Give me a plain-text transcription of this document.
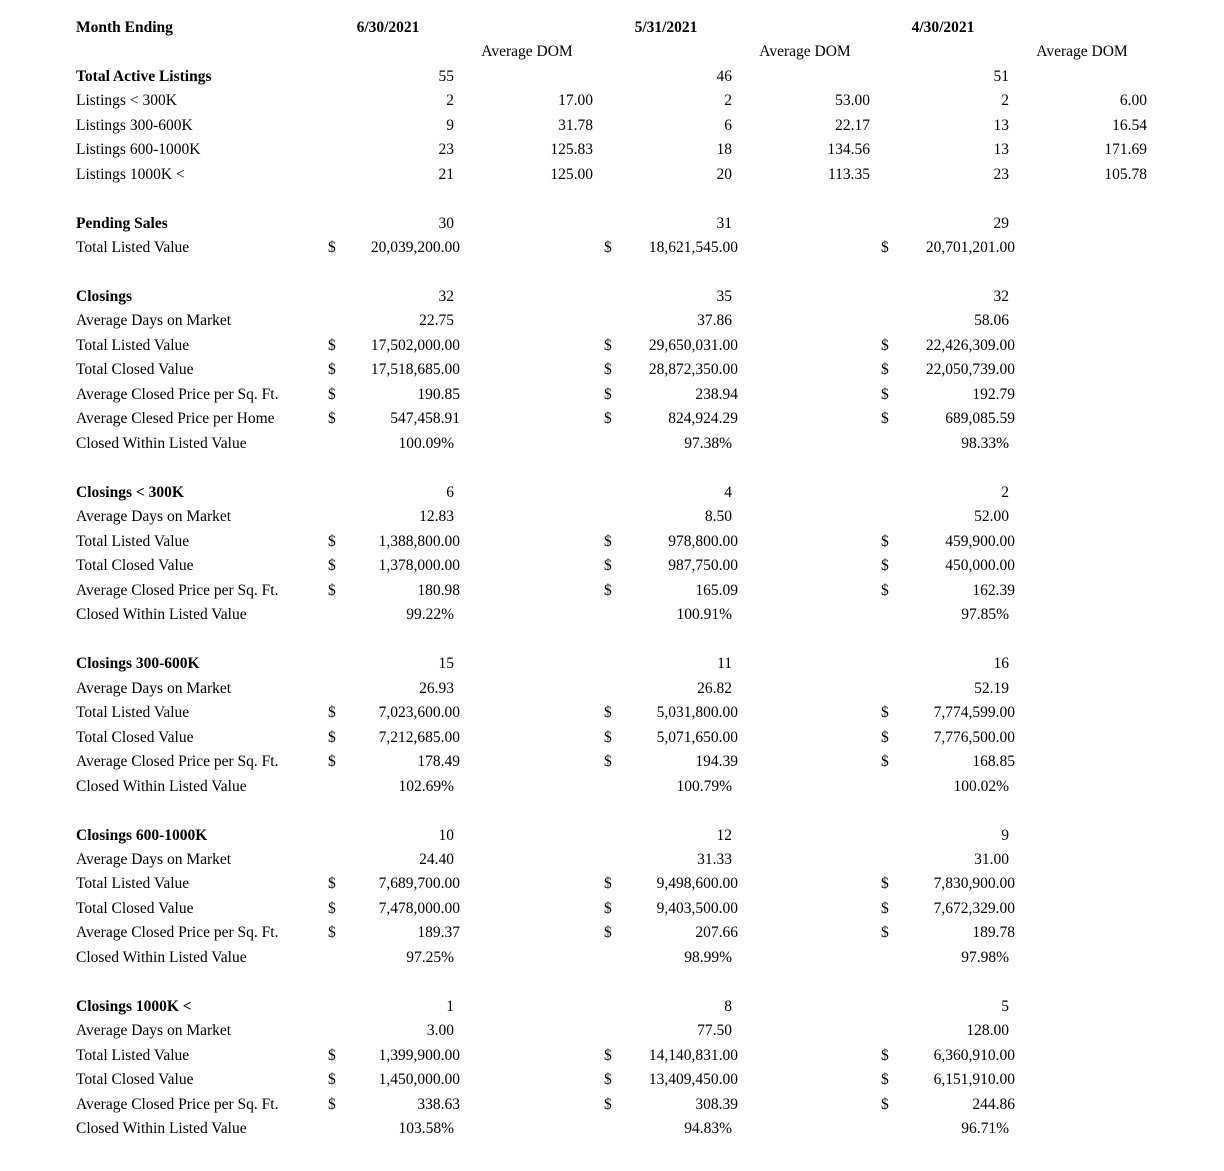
Month Ending	6/30/2021	5/31/2021	4/30/2021
Average DOM	Average DOM	Average DOM
Total Active Listings	55	46	51
Listings < 300K	2	17.00	2	53.00	2	6.00
Listings 300-600K	9	31.78	6	22.17	13	16.54
Listings 600-1000K	23	125.83	18	134.56	13	171.69
Listings 1000K <	21	125.00	20	113.35	23	105.78
Pending Sales	30	31	29
Total Listed Value	$ 20,039,200.00	$ 18,621,545.00	$ 20,701,201.00
Closings	32	35	32
Average Days on Market	22.75	37.86	58.06
Total Listed Value	$ 17,502,000.00	$ 29,650,031.00	$ 22,426,309.00
Total Closed Value	$ 17,518,685.00	$ 28,872,350.00	$ 22,050,739.00
Average Closed Price per Sq. Ft.	$	190.85	$	238.94	$	192.79
Average Clesed Price per Home	$	547,458.91	$	824,924.29	$	689,085.59
Closed Within Listed Value	100.09%	97.38%	98.33%
Closings < 300K	6	4	2
Average Days on Market	12.83	8.50	52.00
Total Listed Value	$	1,388,800.00	$	978,800.00	$	459,900.00
Total Closed Value	$	1,378,000.00	$	987,750.00	$	450,000.00
Average Closed Price per Sq. Ft.	$	180.98	$	165.09	$	162.39
Closed Within Listed Value	99.22%	100.91%	97.85%
Closings 300-600K	15	11	16
Average Days on Market	26.93	26.82	52.19
Total Listed Value	$	7,023,600.00	$	5,031,800.00	$	7,774,599.00
Total Closed Value	$	7,212,685.00	$	5,071,650.00	$	7,776,500.00
Average Closed Price per Sq. Ft.	$	178.49	$	194.39	$	168.85
Closed Within Listed Value	102.69%	100.79%	100.02%
Closings 600-1000K	10	12	9
Average Days on Market	24.40	31.33	31.00
Total Listed Value	$	7,689,700.00	$	9,498,600.00	$	7,830,900.00
Total Closed Value	$	7,478,000.00	$	9,403,500.00	$	7,672,329.00
Average Closed Price per Sq. Ft.	$	189.37	$	207.66	$	189.78
Closed Within Listed Value	97.25%	98.99%	97.98%
Closings 1000K <	1	8	5
Average Days on Market	3.00	77.50	128.00
Total Listed Value	$	1,399,900.00	$ 14,140,831.00	$	6,360,910.00
Total Closed Value	$	1,450,000.00	$ 13,409,450.00	$	6,151,910.00
Average Closed Price per Sq. Ft.	$	338.63	$	308.39	$	244.86
Closed Within Listed Value	103.58%	94.83%	96.71%
